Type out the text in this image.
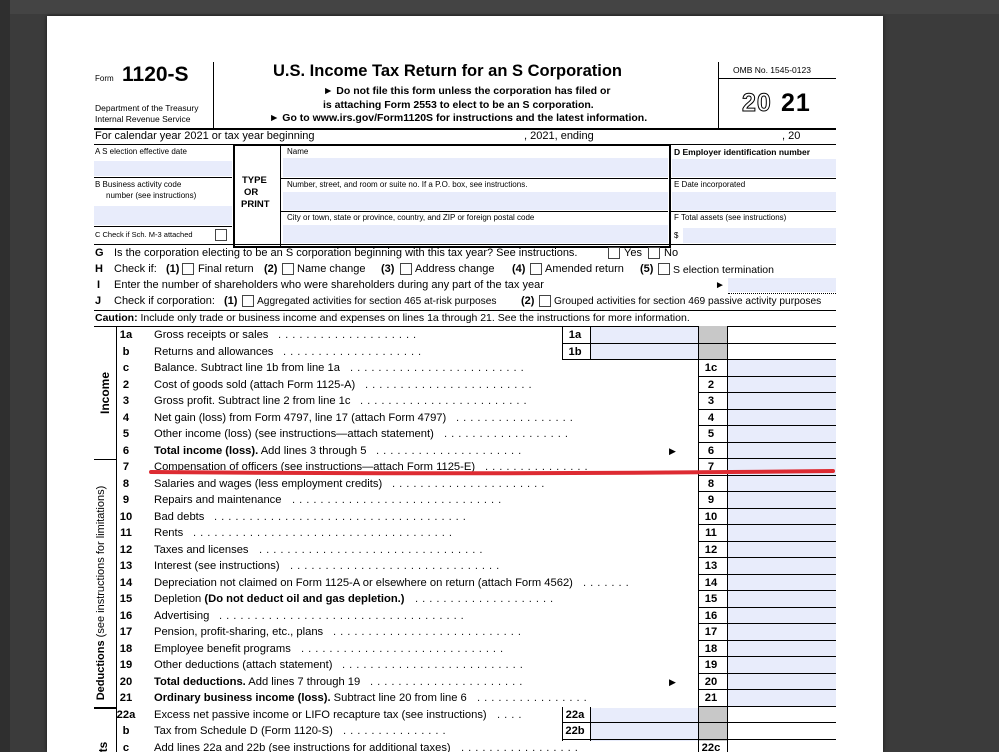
Form 1120-S
Department of the Treasury
Internal Revenue Service
U.S. Income Tax Return for an S Corporation
► Do not file this form unless the corporation has filed or
is attaching Form 2553 to elect to be an S corporation.
► Go to www.irs.gov/Form1120S for instructions and the latest information.
OMB No. 1545-0123
20 21
For calendar year 2021 or tax year beginning	, 2021, ending	, 20
A S election effective date
B Business activity code
number (see instructions)
C Check if Sch. M-3 attached
TYPE
OR
PRINT
Name
Number, street, and room or suite no. If a P.O. box, see instructions.
City or town, state or province, country, and ZIP or foreign postal code
D Employer identification number
E Date incorporated
F Total assets (see instructions)
$
G Is the corporation electing to be an S corporation beginning with this tax year? See instructions.	Yes No
H Check if: (1) Final return (2) Name change (3) Address change (4) Amended return (5) S election termination
I Enter the number of shareholders who were shareholders during any part of the tax year	►
J Check if corporation: (1) Aggregated activities for section 465 at-risk purposes (2) Grouped activities for section 469 passive activity purposes
Caution: Include only trade or business income and expenses on lines 1a through 21. See the instructions for more information.
Income
Deductions (see instructions for limitations)
ts
1a	Gross receipts or sales ....................	1a
b	Returns and allowances ....................	1b
c	Balance. Subtract line 1b from line 1a .........................	1c
2	Cost of goods sold (attach Form 1125-A) ........................	2
3	Gross profit. Subtract line 2 from line 1c ........................	3
4	Net gain (loss) from Form 4797, line 17 (attach Form 4797) .................	4
5	Other income (loss) (see instructions—attach statement) ..................	5
6	Total income (loss). Add lines 3 through 5 .....................	6
▶
7	Compensation of officers (see instructions—attach Form 1125-E) ...............	7
8	Salaries and wages (less employment credits) ......................	8
9	Repairs and maintenance ..............................	9
10	Bad debts ....................................	10
11	Rents .....................................	11
12	Taxes and licenses ................................	12
13	Interest (see instructions) ..............................	13
14	Depreciation not claimed on Form 1125-A or elsewhere on return (attach Form 4562) .......	14
15	Depletion (Do not deduct oil and gas depletion.) ....................	15
16	Advertising ...................................	16
17	Pension, profit-sharing, etc., plans ...........................	17
18	Employee benefit programs .............................	18
19	Other deductions (attach statement) ..........................	19
20	Total deductions. Add lines 7 through 19 ......................	20
▶
21	Ordinary business income (loss). Subtract line 20 from line 6 ................	21
22a Excess net passive income or LIFO recapture tax (see instructions) ....	22a
b	Tax from Schedule D (Form 1120-S) ...............	22b
c	Add lines 22a and 22b (see instructions for additional taxes) .................	22c
